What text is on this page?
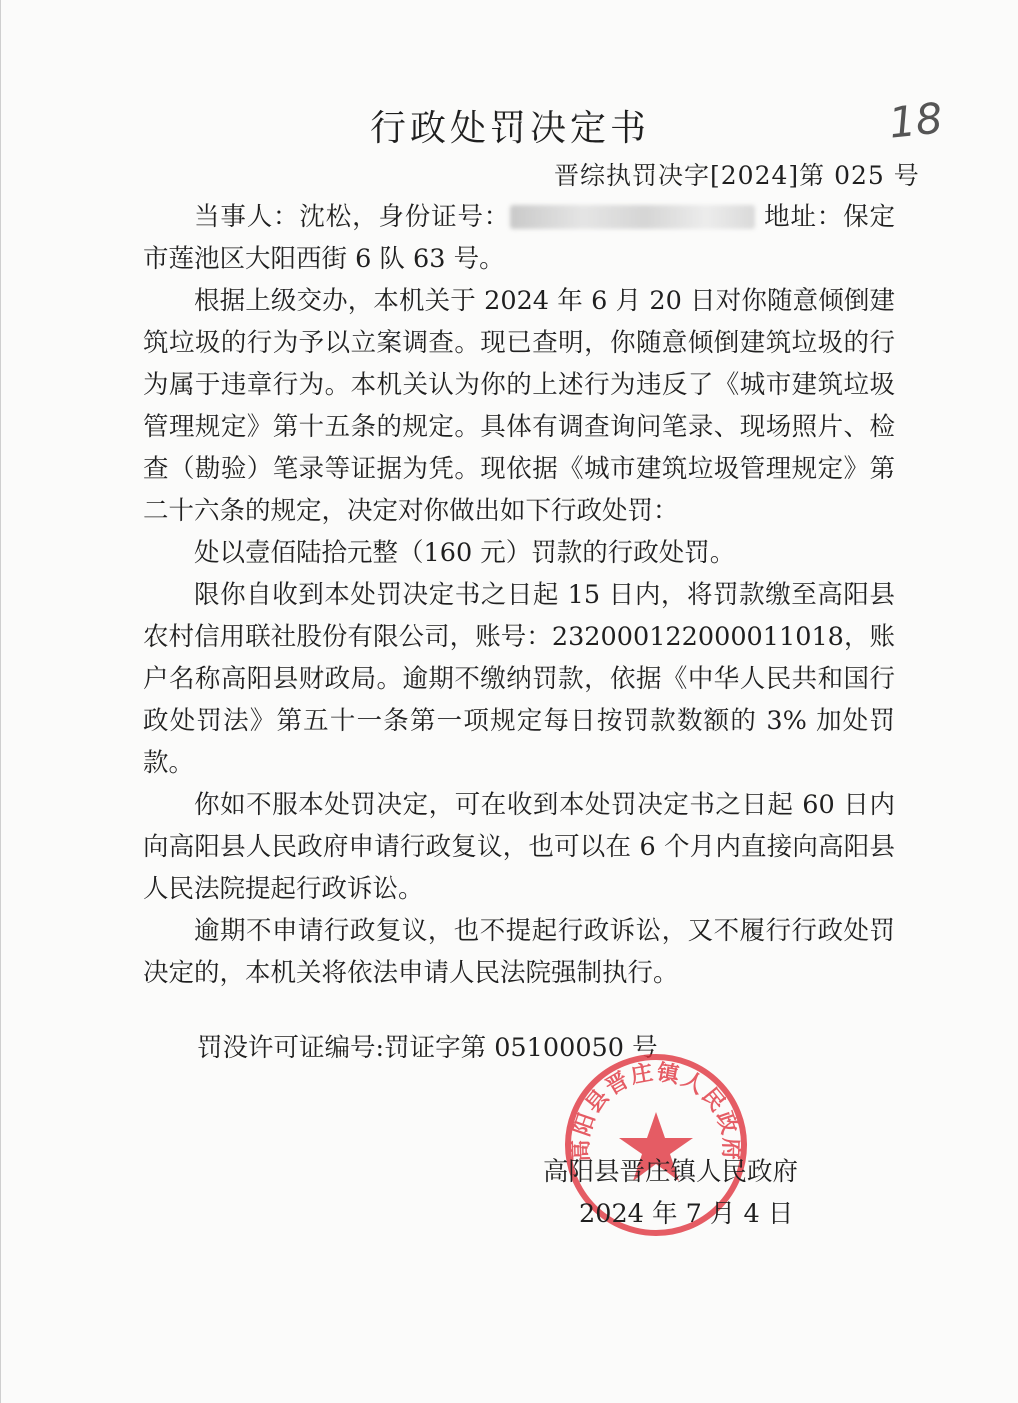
行政处罚决定书	18
晋综执罚决字[2024]第 025 号

当事人：沈松，身份证号：	地址：保定市莲池区大阳西街 6 队 63 号。

根据上级交办，本机关于 2024 年 6 月 20 日对你随意倾倒建筑垃圾的行为予以立案调查。现已查明，你随意倾倒建筑垃圾的行为属于违章行为。本机关认为你的上述行为违反了《城市建筑垃圾管理规定》第十五条的规定。具体有调查询问笔录、现场照片、检查（勘验）笔录等证据为凭。现依据《城市建筑垃圾管理规定》第二十六条的规定，决定对你做出如下行政处罚：

处以壹佰陆拾元整（160 元）罚款的行政处罚。

限你自收到本处罚决定书之日起 15 日内，将罚款缴至高阳县农村信用联社股份有限公司，账号：232000122000011018，账户名称高阳县财政局。逾期不缴纳罚款，依据《中华人民共和国行政处罚法》第五十一条第一项规定每日按罚款数额的 3% 加处罚款。

你如不服本处罚决定，可在收到本处罚决定书之日起 60 日内向高阳县人民政府申请行政复议，也可以在 6 个月内直接向高阳县人民法院提起行政诉讼。

逾期不申请行政复议，也不提起行政诉讼，又不履行行政处罚决定的，本机关将依法申请人民法院强制执行。

罚没许可证编号:罚证字第 05100050 号
高阳县晋庄镇人民政府
高阳县晋庄镇人民政府
2024 年 7 月 4 日
